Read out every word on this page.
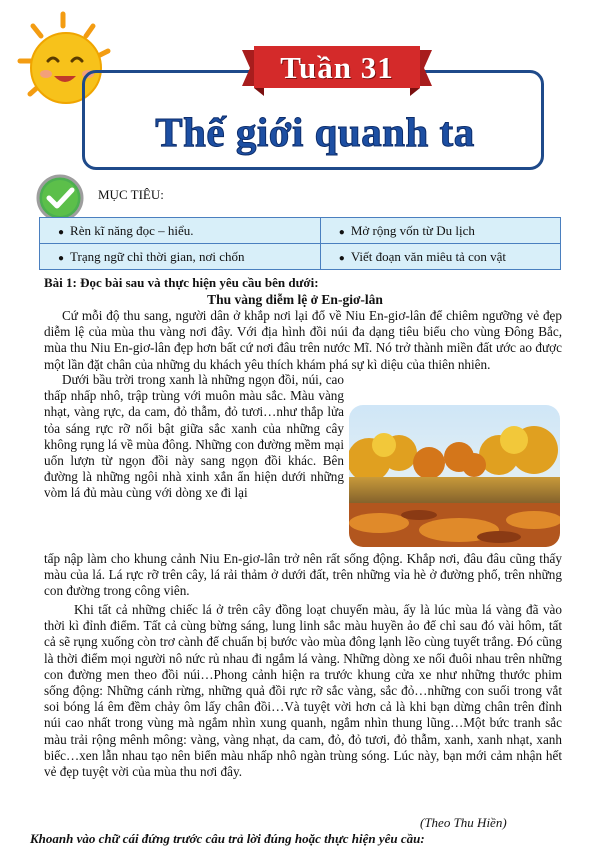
Tuần 31
Thế giới quanh ta
MỤC TIÊU:
● Rèn kĩ năng đọc – hiểu.	● Mở rộng vốn từ Du lịch
● Trạng ngữ chỉ thời gian, nơi chốn	● Viết đoạn văn miêu tả con vật
Bài 1: Đọc bài sau và thực hiện yêu cầu bên dưới:
Thu vàng diễm lệ ở En-giơ-lân

Cứ mỗi độ thu sang, người dân ở khắp nơi lại đổ về Niu En-giơ-lân để chiêm ngưỡng vẻ đẹp diễm lệ của mùa thu vàng nơi đây. Với địa hình đồi núi đa dạng tiêu biểu cho vùng Đông Bắc, mùa thu Niu En-giơ-lân đẹp hơn bất cứ nơi đâu trên nước Mĩ. Nó trở thành miền đất ước ao được một lần đặt chân của những du khách yêu thích khám phá sự kì diệu của thiên nhiên.

Dưới bầu trời trong xanh là những ngọn đồi, núi, cao thấp nhấp nhô, trập trùng với muôn màu sắc. Màu vàng nhạt, vàng rực, da cam, đỏ thẫm, đỏ tươi…như thắp lửa tỏa sáng rực rỡ nổi bật giữa sắc xanh của những cây không rụng lá về mùa đông. Những con đường mềm mại uốn lượn từ ngọn đồi này sang ngọn đồi khác. Bên đường là những ngôi nhà xinh xắn ẩn hiện dưới những vòm lá đủ màu cùng với dòng xe đi lại

tấp nập làm cho khung cảnh Niu En-giơ-lân trở nên rất sống động. Khắp nơi, đâu đâu cũng thấy màu của lá. Lá rực rỡ trên cây, lá rải thảm ở dưới đất, trên những vỉa hè ở đường phố, trên những con đường trong công viên.

Khi tất cả những chiếc lá ở trên cây đồng loạt chuyển màu, ấy là lúc mùa lá vàng đã vào thời kì đỉnh điểm. Tất cả cùng bừng sáng, lung linh sắc màu huyền ảo để chỉ sau đó vài hôm, tất cả sẽ rụng xuống còn trơ cành để chuẩn bị bước vào mùa đông lạnh lẽo cùng tuyết trắng. Đó cũng là thời điểm mọi người nô nức rủ nhau đi ngắm lá vàng. Những dòng xe nối đuôi nhau trên những con đường men theo đồi núi…Phong cảnh hiện ra trước khung cửa xe như những thước phim sống động: Những cánh rừng, những quả đồi rực rỡ sắc vàng, sắc đỏ…những con suối trong vắt soi bóng lá êm đềm chảy ôm lấy chân đồi…Và tuyệt vời hơn cả là khi bạn dừng chân trên đỉnh núi cao nhất trong vùng mà ngắm nhìn xung quanh, ngắm nhìn thung lũng…Một bức tranh sắc màu trải rộng mênh mông: vàng, vàng nhạt, da cam, đỏ, đỏ tươi, đỏ thẫm, xanh, xanh nhạt, xanh biếc…xen lẫn nhau tạo nên biển màu nhấp nhô ngàn trùng sóng. Lúc này, bạn mới cảm nhận hết vẻ đẹp tuyệt vời của mùa thu nơi đây.

(Theo Thu Hiền)
Khoanh vào chữ cái đứng trước câu trả lời đúng hoặc thực hiện yêu cầu:
